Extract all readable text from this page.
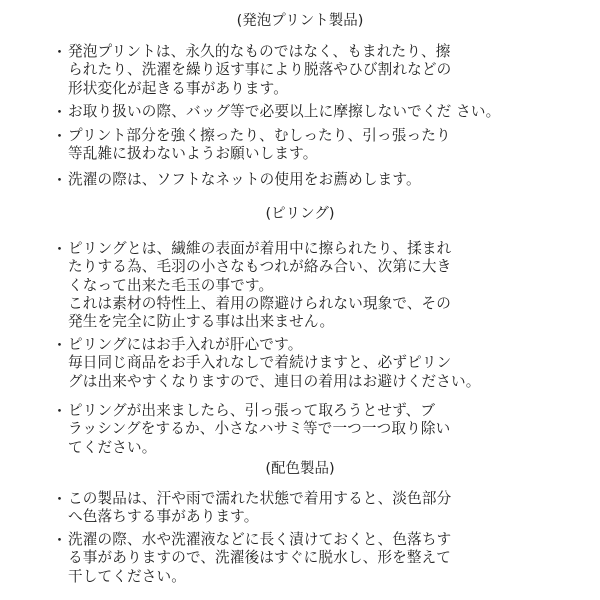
(発泡プリント製品)
・ 発泡プリントは、永久的なものではなく、もまれたり、擦
られたり、洗濯を繰り返す事により脱落やひび割れなどの
形状変化が起きる事があります。
・ お取り扱いの際、バッグ等で必要以上に摩擦しないでくだ さい。
・ プリント部分を強く擦ったり、むしったり、引っ張ったり
等乱雑に扱わないようお願いします。
・ 洗濯の際は、ソフトなネットの使用をお薦めします。
(ピリング)
・ ピリングとは、繊維の表面が着用中に擦られたり、揉まれ
たりする為、毛羽の小さなもつれが絡み合い、次第に大き
くなって出来た毛玉の事です。
これは素材の特性上、着用の際避けられない現象で、その
発生を完全に防止する事は出来ません。
・ ピリングにはお手入れが肝心です。
毎日同じ商品をお手入れなしで着続けますと、必ずピリン
グは出来やすくなりますので、連日の着用はお避けください。
・ ピリングが出来ましたら、引っ張って取ろうとせず、ブ
ラッシングをするか、小さなハサミ等で一つ一つ取り除い
てください。
(配色製品)
・ この製品は、汗や雨で濡れた状態で着用すると、淡色部分
へ色落ちする事があります。
・ 洗濯の際、水や洗濯液などに長く漬けておくと、色落ちす
る事がありますので、洗濯後はすぐに脱水し、形を整えて
干してください。
